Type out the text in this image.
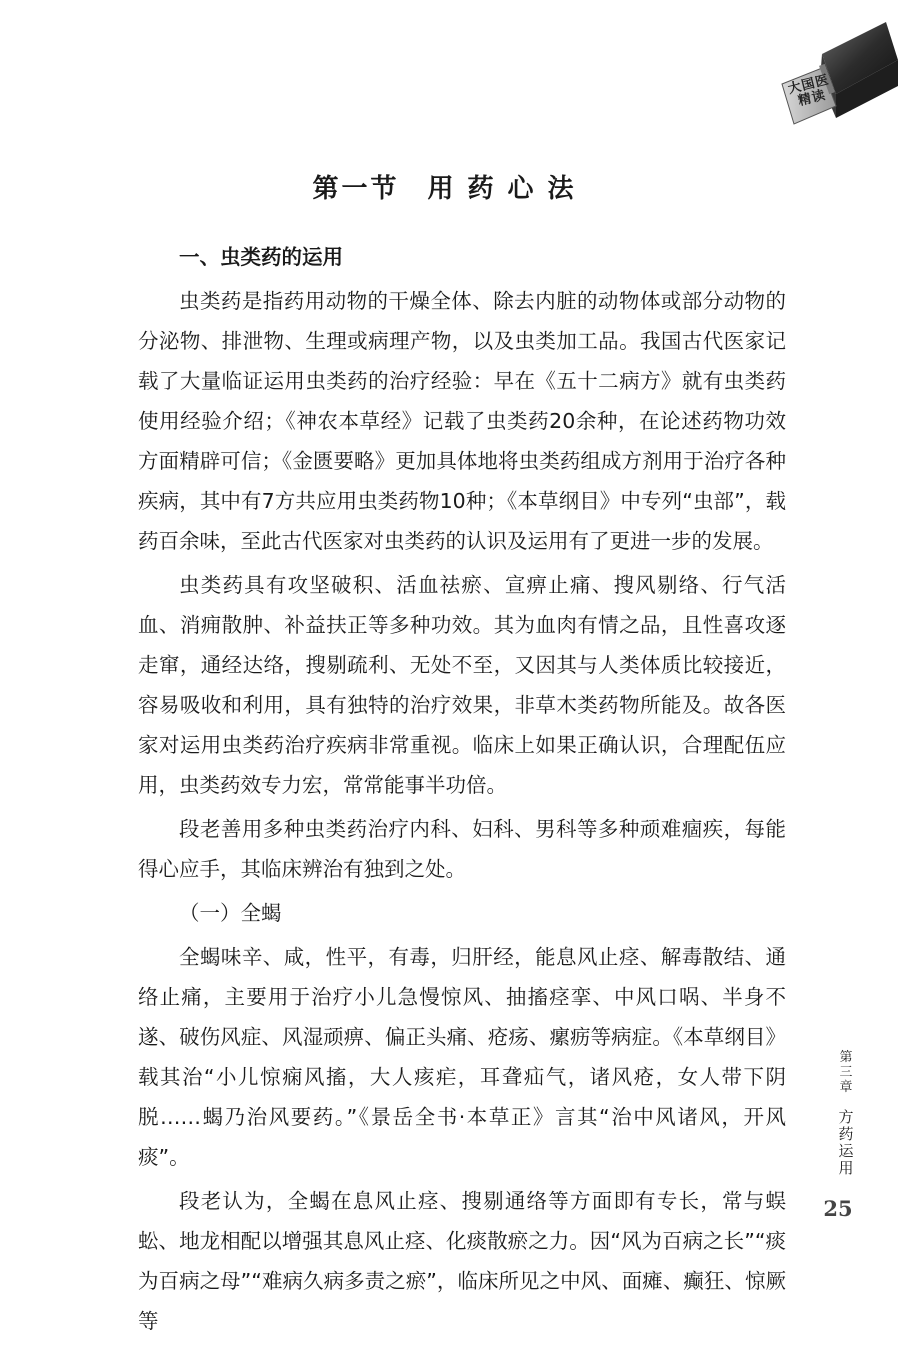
大国医
精读
第一节 用药心法
一、虫类药的运用

虫类药是指药用动物的干燥全体、除去内脏的动物体或部分动物的分泌物、排泄物、生理或病理产物，以及虫类加工品。我国古代医家记载了大量临证运用虫类药的治疗经验：早在《五十二病方》就有虫类药使用经验介绍；《神农本草经》记载了虫类药20余种，在论述药物功效方面精辟可信；《金匮要略》更加具体地将虫类药组成方剂用于治疗各种疾病，其中有7方共应用虫类药物10种；《本草纲目》中专列“虫部”，载药百余味，至此古代医家对虫类药的认识及运用有了更进一步的发展。

虫类药具有攻坚破积、活血祛瘀、宣痹止痛、搜风剔络、行气活血、消痈散肿、补益扶正等多种功效。其为血肉有情之品，且性喜攻逐走窜，通经达络，搜剔疏利、无处不至，又因其与人类体质比较接近，容易吸收和利用，具有独特的治疗效果，非草木类药物所能及。故各医家对运用虫类药治疗疾病非常重视。临床上如果正确认识，合理配伍应用，虫类药效专力宏，常常能事半功倍。

段老善用多种虫类药治疗内科、妇科、男科等多种顽难痼疾，每能得心应手，其临床辨治有独到之处。

（一）全蝎

全蝎味辛、咸，性平，有毒，归肝经，能息风止痉、解毒散结、通络止痛，主要用于治疗小儿急慢惊风、抽搐痉挛、中风口㖞、半身不遂、破伤风症、风湿顽痹、偏正头痛、疮疡、瘰疬等病症。《本草纲目》载其治“小儿惊痫风搐，大人痎疟，耳聋疝气，诸风疮，女人带下阴脱……蝎乃治风要药。”《景岳全书·本草正》言其“治中风诸风，开风痰”。

段老认为，全蝎在息风止痉、搜剔通络等方面即有专长，常与蜈蚣、地龙相配以增强其息风止痉、化痰散瘀之力。因“风为百病之长”“痰为百病之母”“难病久病多责之瘀”，临床所见之中风、面瘫、癫狂、惊厥等

第
三
章
方
药
运
用
25
